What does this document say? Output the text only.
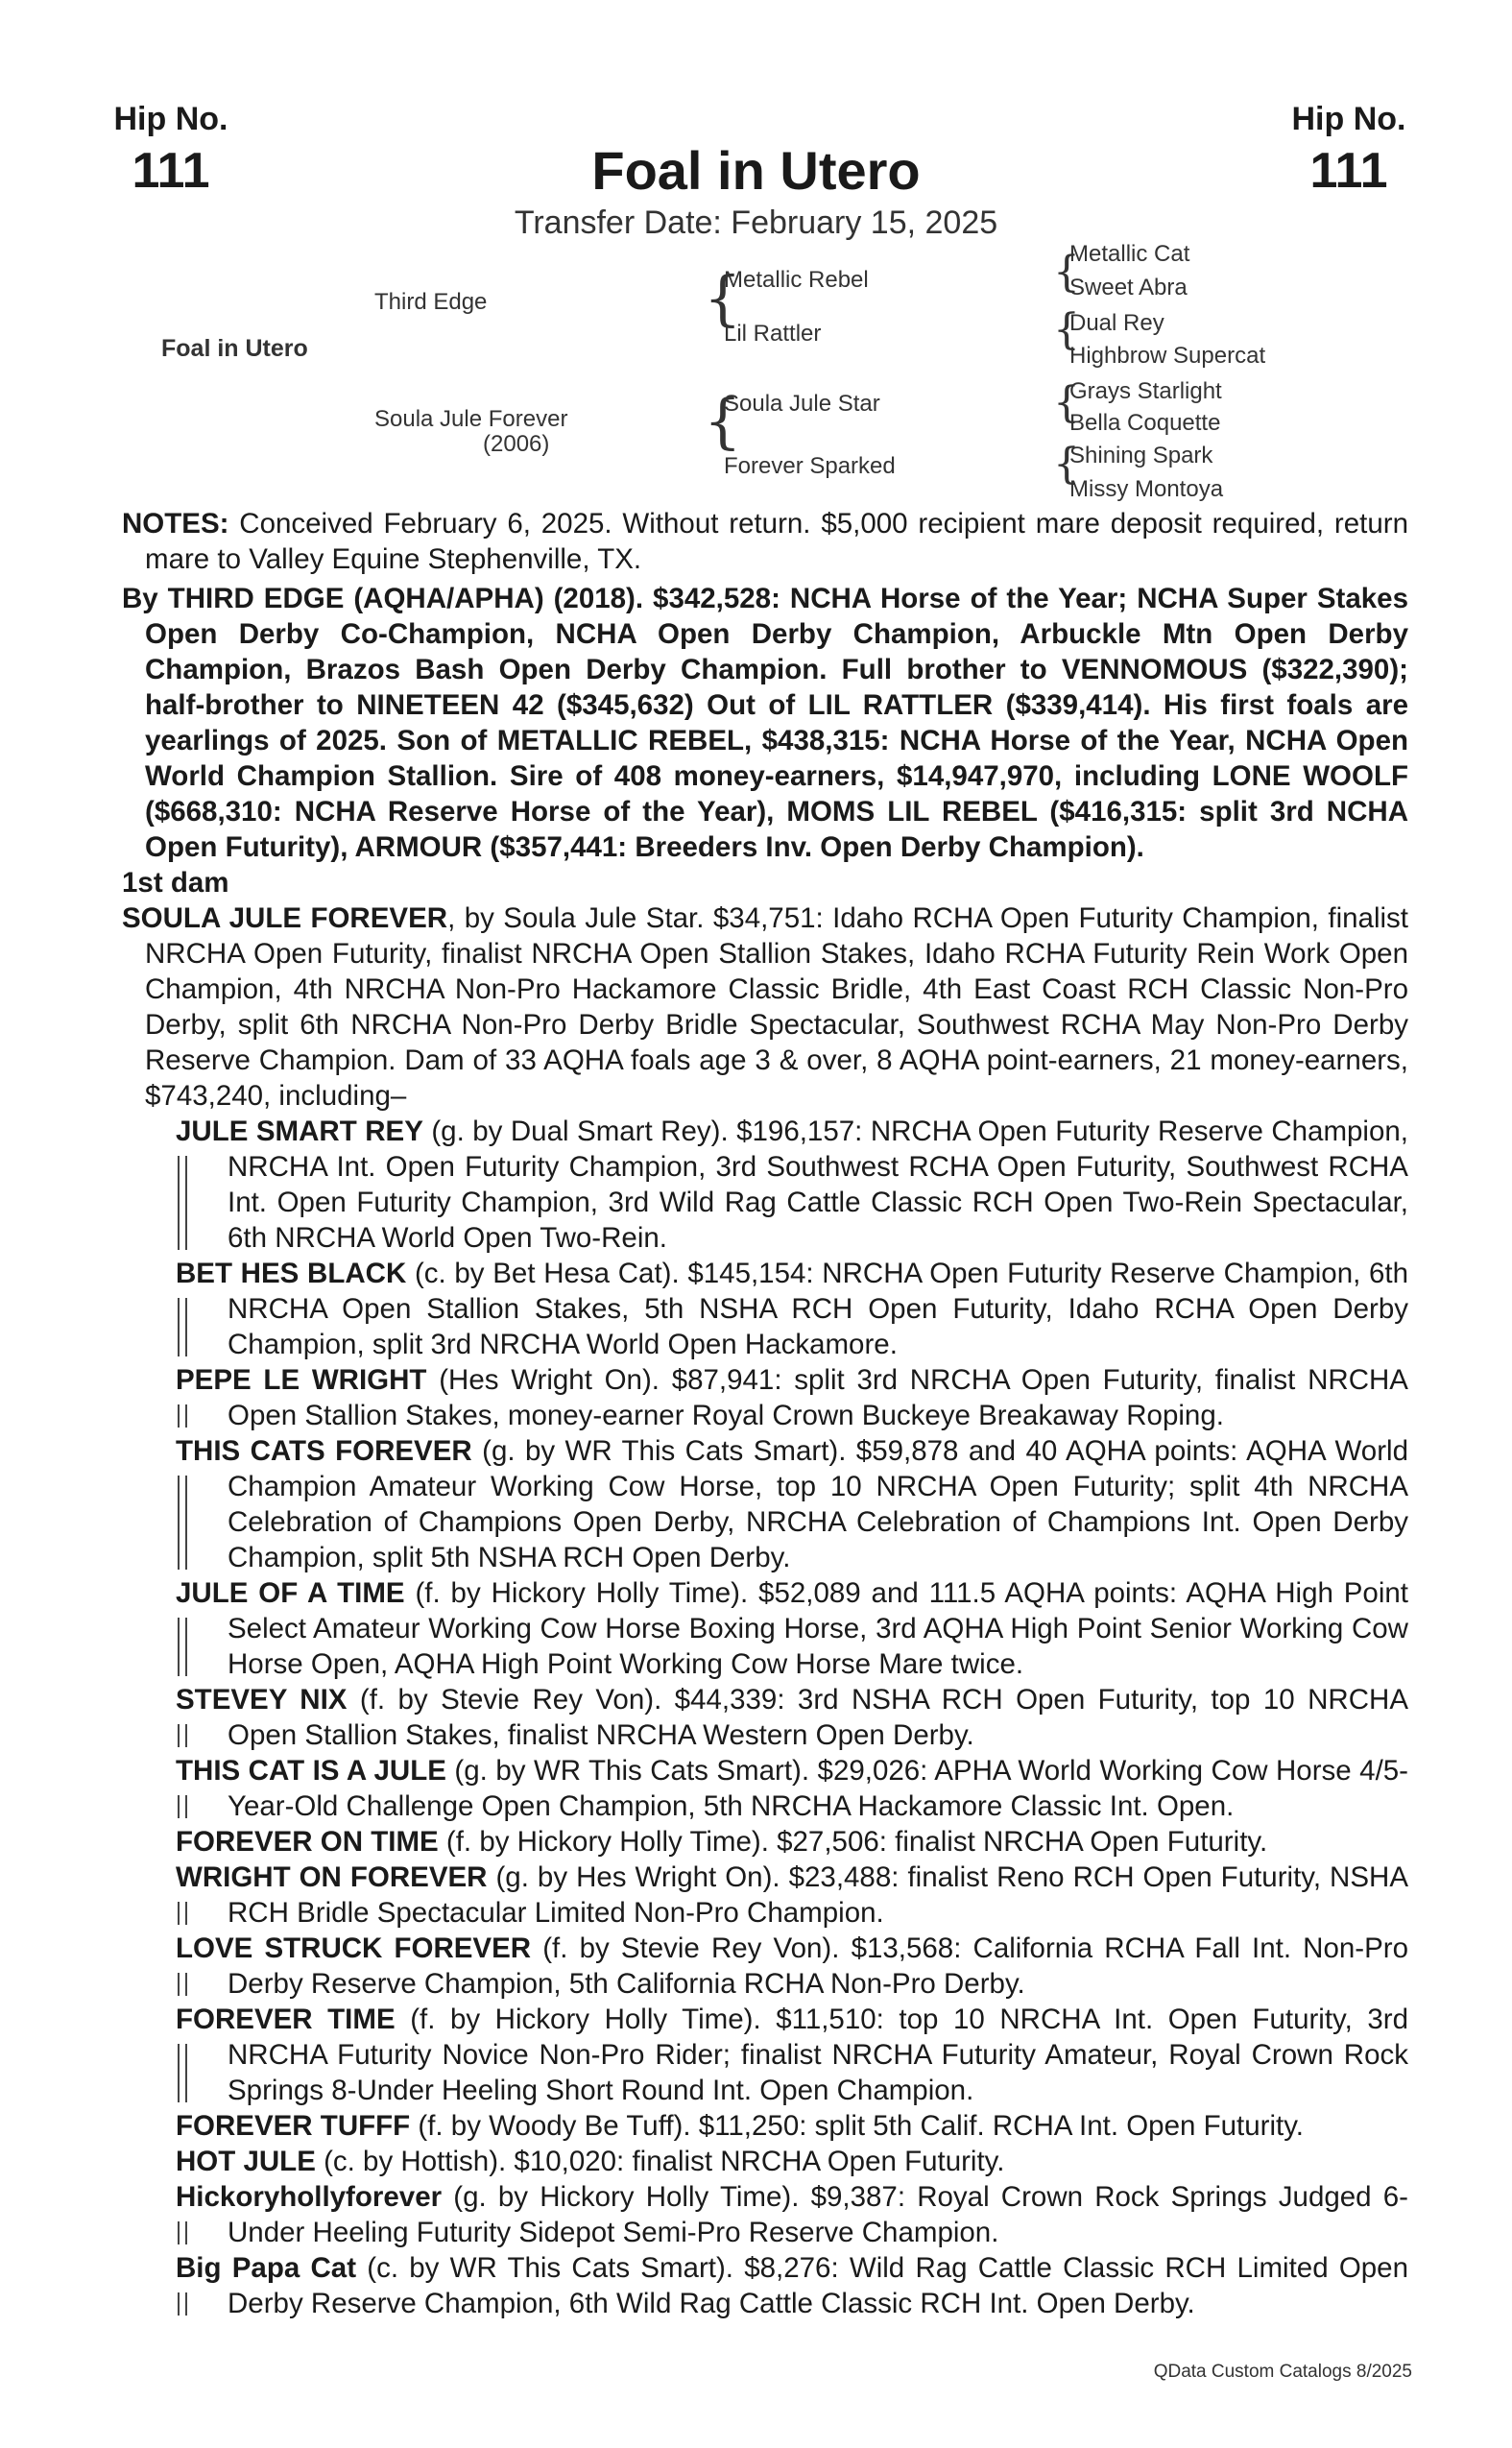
Hip No.
111
Hip No.
111
Foal in Utero
Transfer Date: February 15, 2025
Foal in Utero
Third Edge
Soula Jule Forever
(2006)
{
{
Metallic Rebel
Lil Rattler
Soula Jule Star
Forever Sparked
{
{
{
{
Metallic Cat
Sweet Abra
Dual Rey
Highbrow Supercat
Grays Starlight
Bella Coquette
Shining Spark
Missy Montoya

NOTES: Conceived February 6, 2025. Without return. $5,000 recipient mare deposit required, return mare to Valley Equine Stephenville, TX.

By THIRD EDGE (AQHA/APHA) (2018). $342,528: NCHA Horse of the Year; NCHA Super Stakes Open Derby Co-Champion, NCHA Open Derby Champion, Arbuckle Mtn Open Derby Champion, Brazos Bash Open Derby Champion. Full brother to VENNOMOUS ($322,390); half-brother to NINETEEN 42 ($345,632) Out of LIL RATTLER ($339,414). His first foals are yearlings of 2025. Son of METALLIC REBEL, $438,315: NCHA Horse of the Year, NCHA Open World Champion Stallion. Sire of 408 money-earners, $14,947,970, including LONE WOOLF ($668,310: NCHA Reserve Horse of the Year), MOMS LIL REBEL ($416,315: split 3rd NCHA Open Futurity), ARMOUR ($357,441: Breeders Inv. Open Derby Champion).

1st dam

SOULA JULE FOREVER, by Soula Jule Star. $34,751: Idaho RCHA Open Futurity Champion, finalist NRCHA Open Futurity, finalist NRCHA Open Stallion Stakes, Idaho RCHA Futurity Rein Work Open Champion, 4th NRCHA Non-Pro Hackamore Classic Bridle, 4th East Coast RCH Classic Non-Pro Derby, split 6th NRCHA Non-Pro Derby Bridle Spectacular, Southwest RCHA May Non-Pro Derby Reserve Champion. Dam of 33 AQHA foals age 3 & over, 8 AQHA point-earners, 21 money-earners, $743,240, including–

JULE SMART REY (g. by Dual Smart Rey). $196,157: NRCHA Open Futurity Reserve Champion, NRCHA Int. Open Futurity Champion, 3rd Southwest RCHA Open Futurity, Southwest RCHA Int. Open Futurity Champion, 3rd Wild Rag Cattle Classic RCH Open Two-Rein Spectacular, 6th NRCHA World Open Two-Rein.

BET HES BLACK (c. by Bet Hesa Cat). $145,154: NRCHA Open Futurity Reserve Champion, 6th NRCHA Open Stallion Stakes, 5th NSHA RCH Open Futurity, Idaho RCHA Open Derby Champion, split 3rd NRCHA World Open Hackamore.

PEPE LE WRIGHT (Hes Wright On). $87,941: split 3rd NRCHA Open Futurity, finalist NRCHA Open Stallion Stakes, money-earner Royal Crown Buckeye Breakaway Roping.

THIS CATS FOREVER (g. by WR This Cats Smart). $59,878 and 40 AQHA points: AQHA World Champion Amateur Working Cow Horse, top 10 NRCHA Open Futurity; split 4th NRCHA Celebration of Champions Open Derby, NRCHA Celebration of Champions Int. Open Derby Champion, split 5th NSHA RCH Open Derby.

JULE OF A TIME (f. by Hickory Holly Time). $52,089 and 111.5 AQHA points: AQHA High Point Select Amateur Working Cow Horse Boxing Horse, 3rd AQHA High Point Senior Working Cow Horse Open, AQHA High Point Working Cow Horse Mare twice.

STEVEY NIX (f. by Stevie Rey Von). $44,339: 3rd NSHA RCH Open Futurity, top 10 NRCHA Open Stallion Stakes, finalist NRCHA Western Open Derby.

THIS CAT IS A JULE (g. by WR This Cats Smart). $29,026: APHA World Working Cow Horse 4/5-Year-Old Challenge Open Champion, 5th NRCHA Hackamore Classic Int. Open.

FOREVER ON TIME (f. by Hickory Holly Time). $27,506: finalist NRCHA Open Futurity.

WRIGHT ON FOREVER (g. by Hes Wright On). $23,488: finalist Reno RCH Open Futurity, NSHA RCH Bridle Spectacular Limited Non-Pro Champion.

LOVE STRUCK FOREVER (f. by Stevie Rey Von). $13,568: California RCHA Fall Int. Non-Pro Derby Reserve Champion, 5th California RCHA Non-Pro Derby.

FOREVER TIME (f. by Hickory Holly Time). $11,510: top 10 NRCHA Int. Open Futurity, 3rd NRCHA Futurity Novice Non-Pro Rider; finalist NRCHA Futurity Amateur, Royal Crown Rock Springs 8-Under Heeling Short Round Int. Open Champion.

FOREVER TUFFF (f. by Woody Be Tuff). $11,250: split 5th Calif. RCHA Int. Open Futurity.

HOT JULE (c. by Hottish). $10,020: finalist NRCHA Open Futurity.

Hickoryhollyforever (g. by Hickory Holly Time). $9,387: Royal Crown Rock Springs Judged 6-Under Heeling Futurity Sidepot Semi-Pro Reserve Champion.

Big Papa Cat (c. by WR This Cats Smart). $8,276: Wild Rag Cattle Classic RCH Limited Open Derby Reserve Champion, 6th Wild Rag Cattle Classic RCH Int. Open Derby.

QData Custom Catalogs 8/2025
